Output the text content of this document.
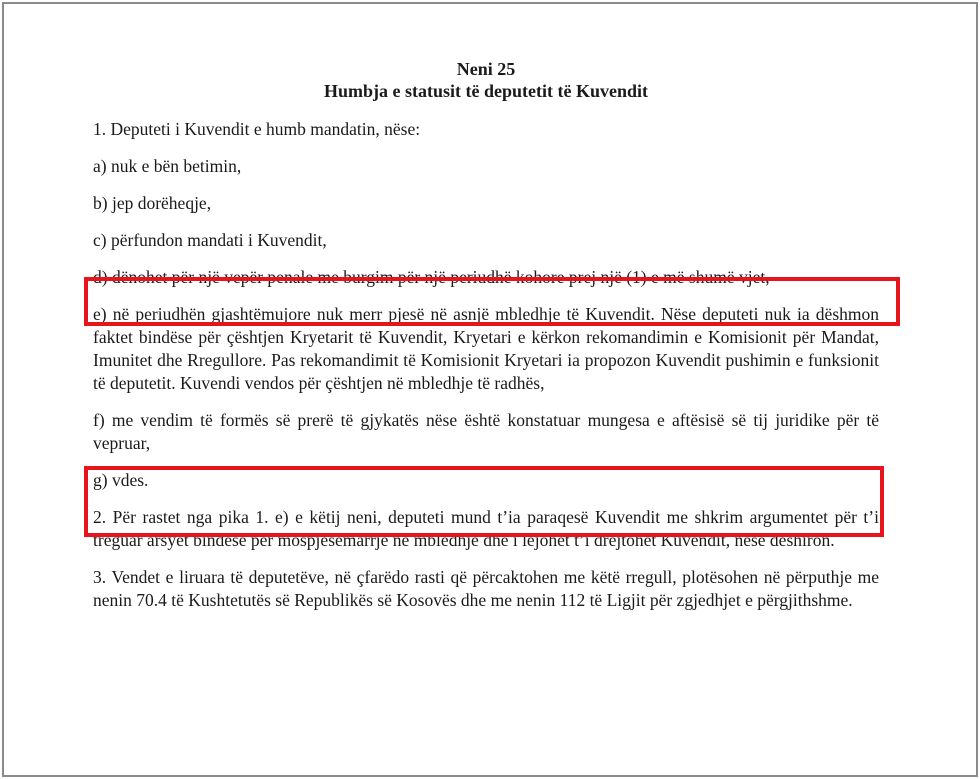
Neni 25
Humbja e statusit të deputetit të Kuvendit

1. Deputeti i Kuvendit e humb mandatin, nëse:

a) nuk e bën betimin,

b) jep dorëheqje,

c) përfundon mandati i Kuvendit,

d) dënohet për një vepër penale me burgim për një periudhë kohore prej një (1) e më shumë vjet,

e) në periudhën gjashtëmujore nuk merr pjesë në asnjë mbledhje të Kuvendit. Nëse deputeti nuk ia dëshmon faktet bindëse për çështjen Kryetarit të Kuvendit, Kryetari e kërkon rekomandimin e Komisionit për Mandat, Imunitet dhe Rregullore. Pas rekomandimit të Komisionit Kryetari ia propozon Kuvendit pushimin e funksionit të deputetit. Kuvendi vendos për çështjen në mbledhje të radhës,

f) me vendim të formës së prerë të gjykatës nëse është konstatuar mungesa e aftësisë së tij juridike për të vepruar,

g) vdes.

2. Për rastet nga pika 1. e) e këtij neni, deputeti mund t’ia paraqesë Kuvendit me shkrim argumentet për t’i treguar arsyet bindëse për mospjesëmarrje në mbledhje dhe i lejohet t’i drejtohet Kuvendit, nëse dëshiron.

3. Vendet e liruara të deputetëve, në çfarëdo rasti që përcaktohen me këtë rregull, plotësohen në përputhje me nenin 70.4 të Kushtetutës së Republikës së Kosovës dhe me nenin 112 të Ligjit për zgjedhjet e përgjithshme.
